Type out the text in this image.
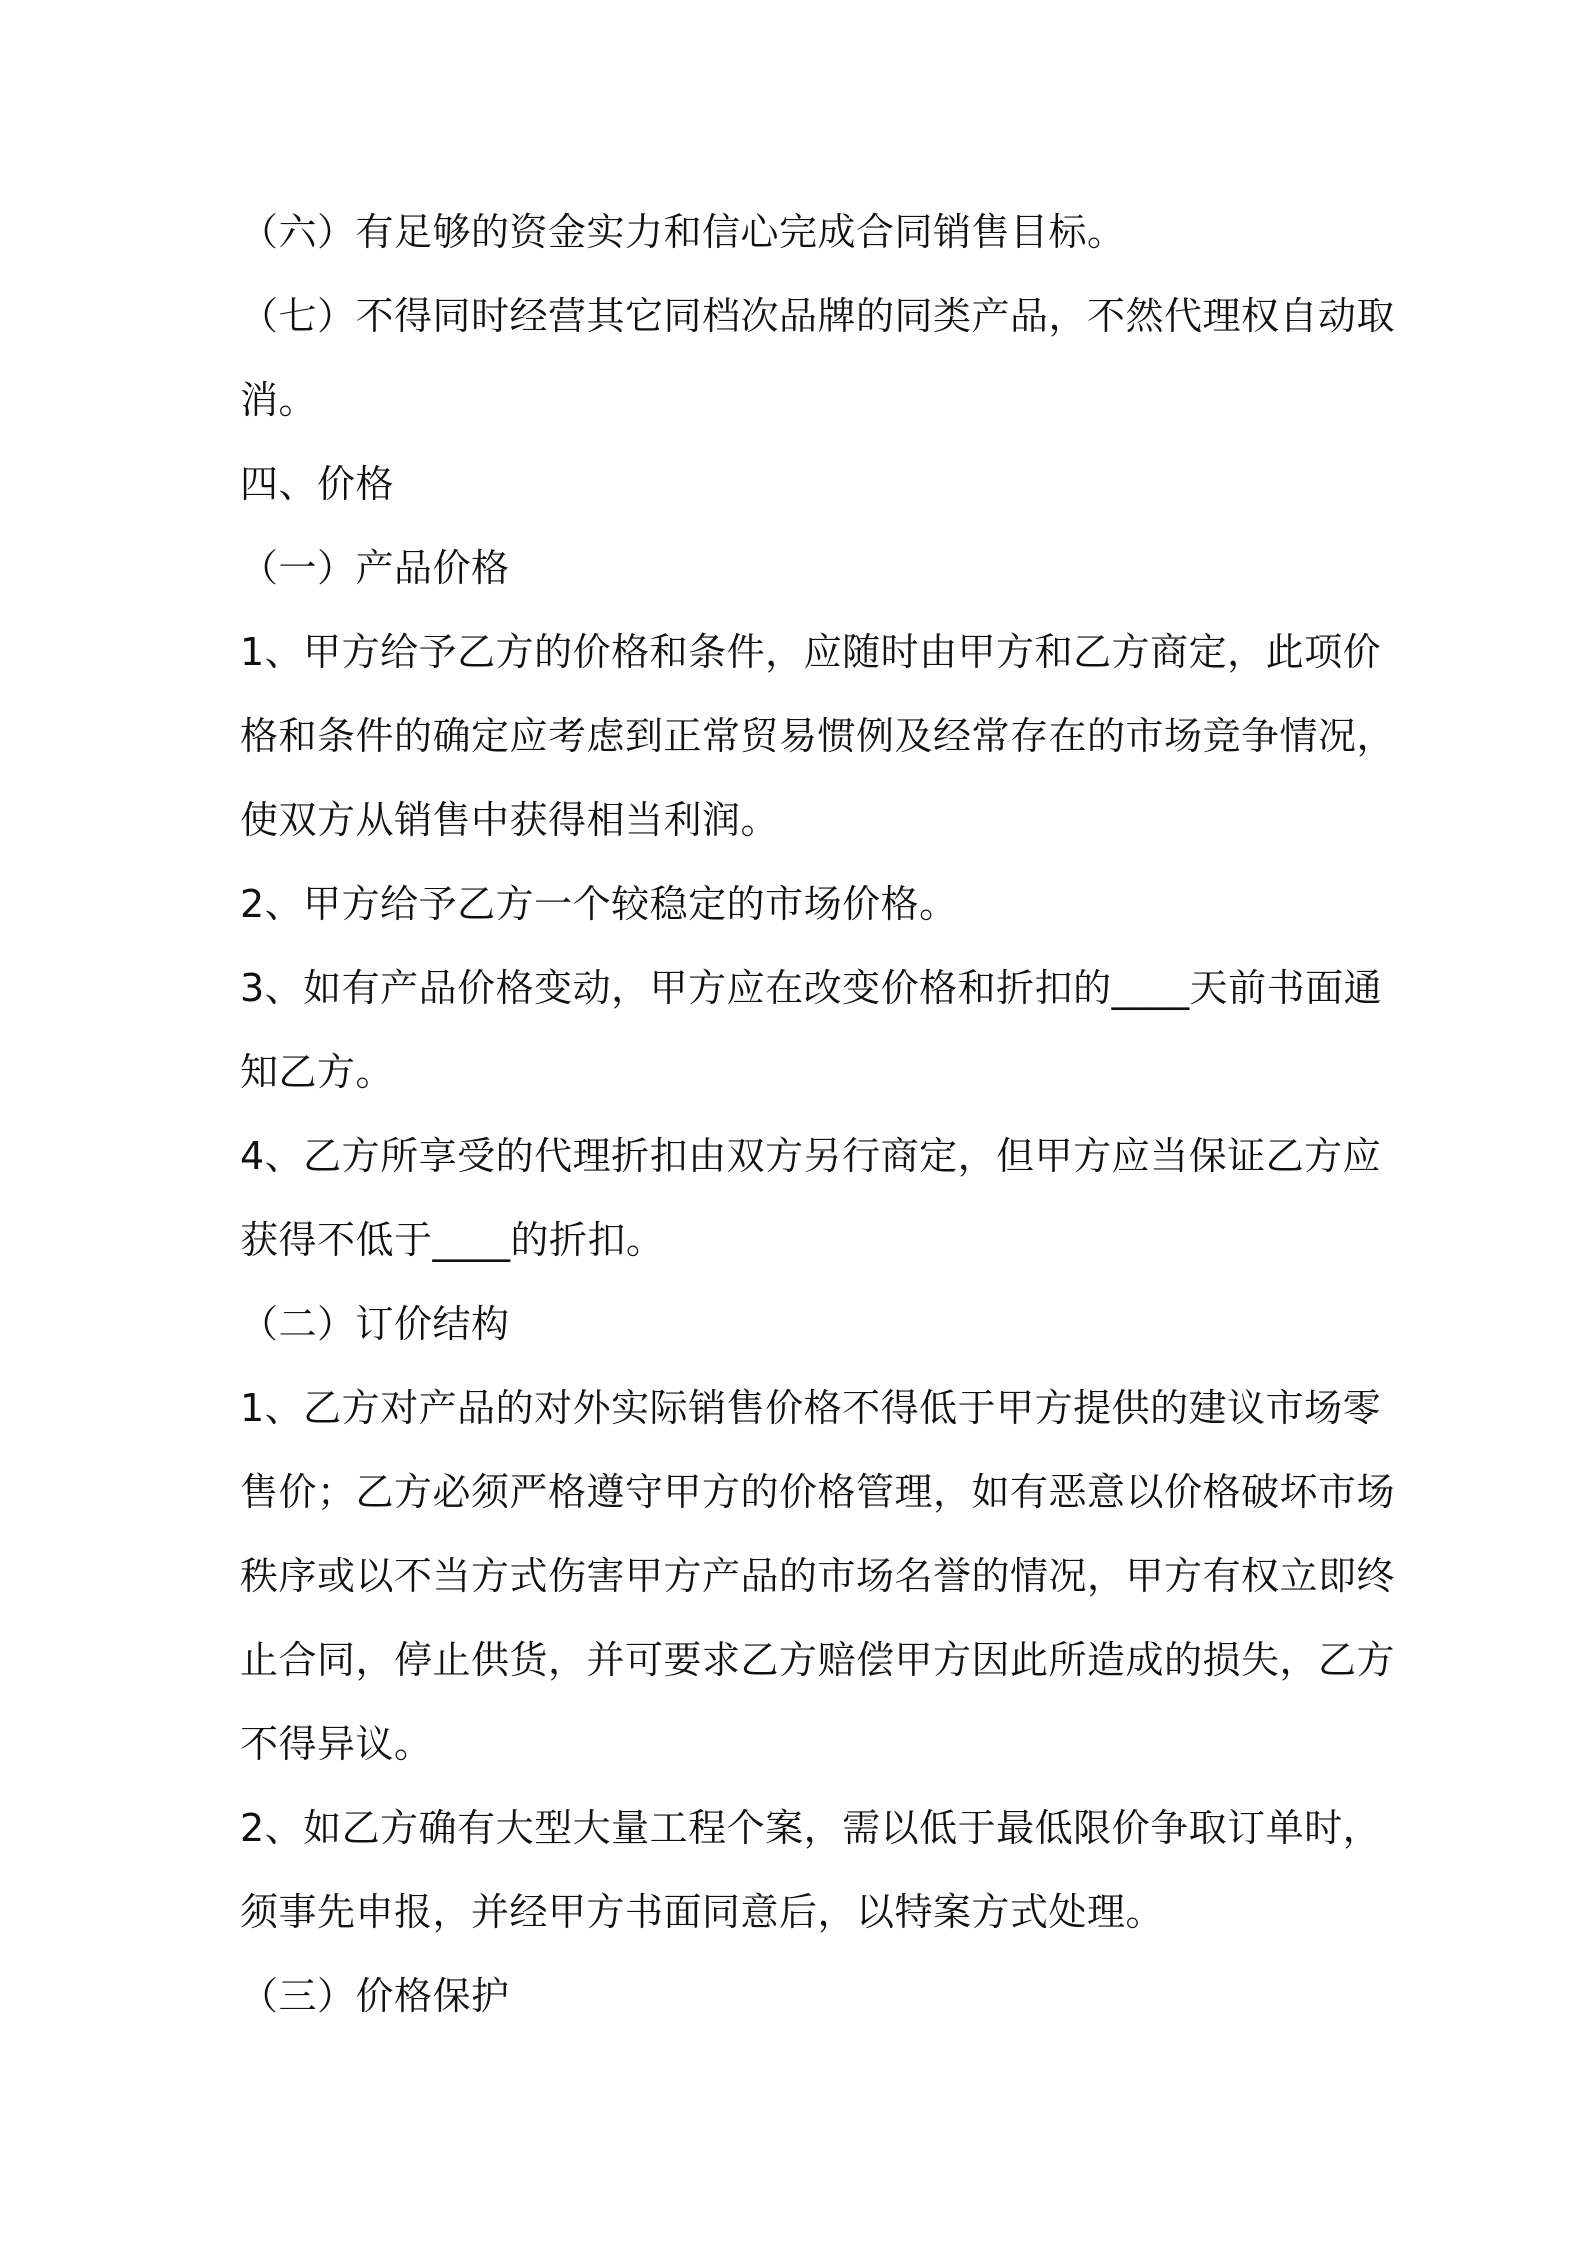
（六）有足够的资金实力和信心完成合同销售目标。
（七）不得同时经营其它同档次品牌的同类产品，不然代理权自动取
消。
四、价格
（一）产品价格
1、甲方给予乙方的价格和条件，应随时由甲方和乙方商定，此项价
格和条件的确定应考虑到正常贸易惯例及经常存在的市场竞争情况，
使双方从销售中获得相当利润。
2、甲方给予乙方一个较稳定的市场价格。
3、如有产品价格变动，甲方应在改变价格和折扣的____天前书面通
知乙方。
4、乙方所享受的代理折扣由双方另行商定，但甲方应当保证乙方应
获得不低于____的折扣。
（二）订价结构
1、乙方对产品的对外实际销售价格不得低于甲方提供的建议市场零
售价；乙方必须严格遵守甲方的价格管理，如有恶意以价格破坏市场
秩序或以不当方式伤害甲方产品的市场名誉的情况，甲方有权立即终
止合同，停止供货，并可要求乙方赔偿甲方因此所造成的损失，乙方
不得异议。
2、如乙方确有大型大量工程个案，需以低于最低限价争取订单时，
须事先申报，并经甲方书面同意后，以特案方式处理。
（三）价格保护
